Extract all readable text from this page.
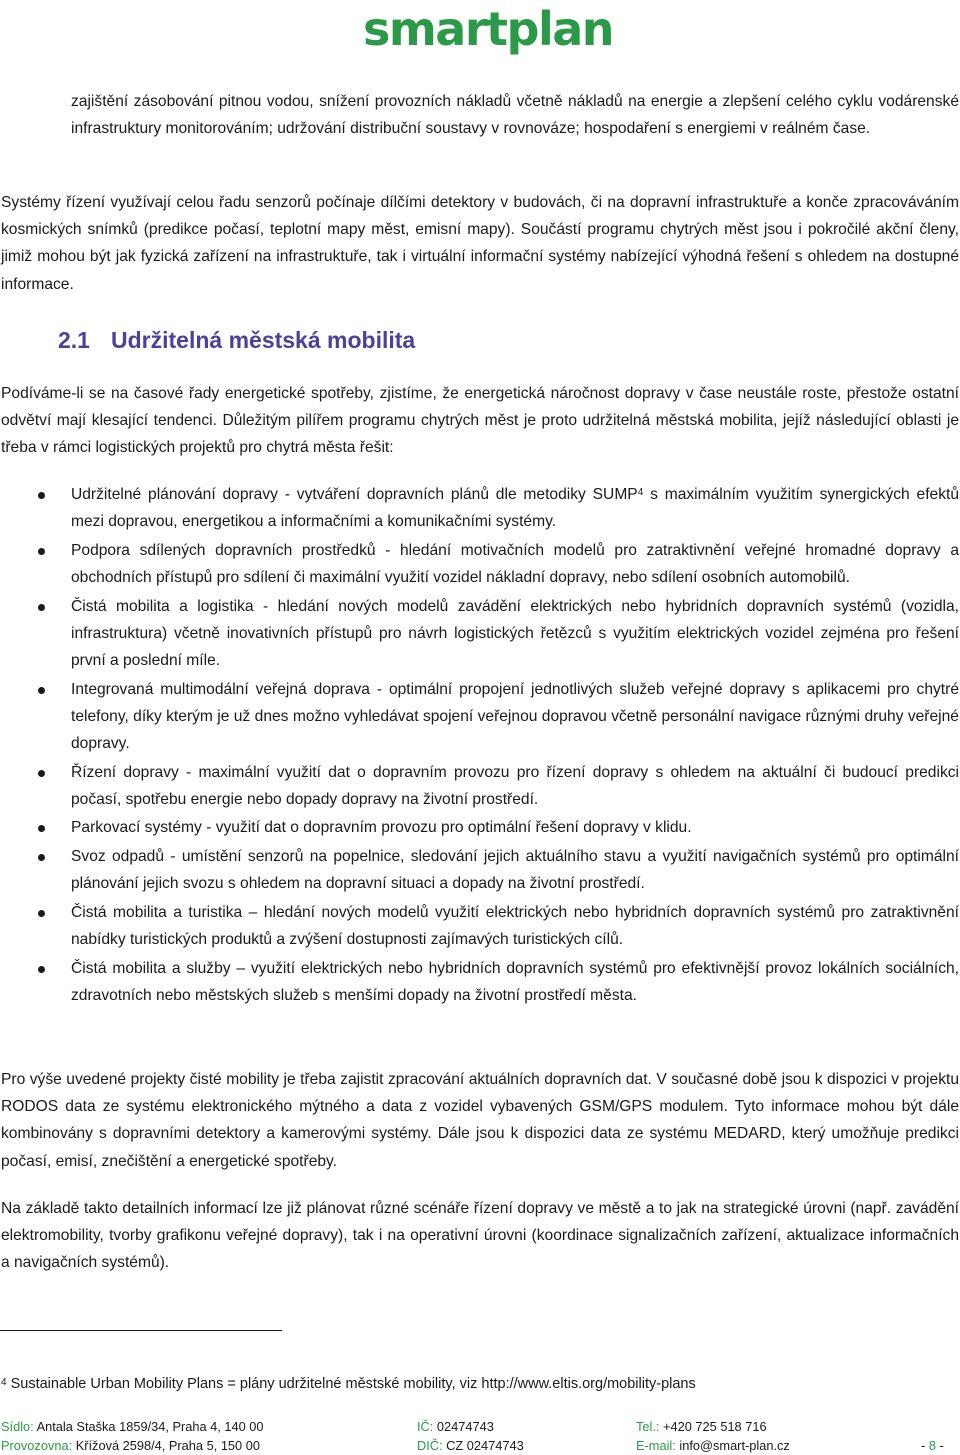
smartplan

zajištění zásobování pitnou vodou, snížení provozních nákladů včetně nákladů na energie a zlepšení celého cyklu vodárenské infrastruktury monitorováním; udržování distribuční soustavy v rovnováze; hospodaření s energiemi v reálném čase.

Systémy řízení využívají celou řadu senzorů počínaje dílčími detektory v budovách, či na dopravní infrastruktuře a konče zpracováváním kosmických snímků (predikce počasí, teplotní mapy měst, emisní mapy). Součástí programu chytrých měst jsou i pokročilé akční členy, jimiž mohou být jak fyzická zařízení na infrastruktuře, tak i virtuální informační systémy nabízející výhodná řešení s ohledem na dostupné informace.

2.1 Udržitelná městská mobilita

Podíváme-li se na časové řady energetické spotřeby, zjistíme, že energetická náročnost dopravy v čase neustále roste, přestože ostatní odvětví mají klesající tendenci. Důležitým pilířem programu chytrých měst je proto udržitelná městská mobilita, jejíž následující oblasti je třeba v rámci logistických projektů pro chytrá města řešit:

Udržitelné plánování dopravy - vytváření dopravních plánů dle metodiky SUMP$^4$ s maximálním využitím synergických efektů mezi dopravou, energetikou a informačními a komunikačními systémy.
Podpora sdílených dopravních prostředků - hledání motivačních modelů pro zatraktivnění veřejné hromadné dopravy a obchodních přístupů pro sdílení či maximální využití vozidel nákladní dopravy, nebo sdílení osobních automobilů.
Čistá mobilita a logistika - hledání nových modelů zavádění elektrických nebo hybridních dopravních systémů (vozidla, infrastruktura) včetně inovativních přístupů pro návrh logistických řetězců s využitím elektrických vozidel zejména pro řešení první a poslední míle.
Integrovaná multimodální veřejná doprava - optimální propojení jednotlivých služeb veřejné dopravy s aplikacemi pro chytré telefony, díky kterým je už dnes možno vyhledávat spojení veřejnou dopravou včetně personální navigace různými druhy veřejné dopravy.
Řízení dopravy - maximální využití dat o dopravním provozu pro řízení dopravy s ohledem na aktuální či budoucí predikci počasí, spotřebu energie nebo dopady dopravy na životní prostředí.
Parkovací systémy - využití dat o dopravním provozu pro optimální řešení dopravy v klidu.
Svoz odpadů - umístění senzorů na popelnice, sledování jejich aktuálního stavu a využití navigačních systémů pro optimální plánování jejich svozu s ohledem na dopravní situaci a dopady na životní prostředí.
Čistá mobilita a turistika – hledání nových modelů využití elektrických nebo hybridních dopravních systémů pro zatraktivnění nabídky turistických produktů a zvýšení dostupnosti zajímavých turistických cílů.
Čistá mobilita a služby – využití elektrických nebo hybridních dopravních systémů pro efektivnější provoz lokálních sociálních, zdravotních nebo městských služeb s menšími dopady na životní prostředí města.

Pro výše uvedené projekty čisté mobility je třeba zajistit zpracování aktuálních dopravních dat. V současné době jsou k dispozici v projektu RODOS data ze systému elektronického mýtného a data z vozidel vybavených GSM/GPS modulem. Tyto informace mohou být dále kombinovány s dopravními detektory a kamerovými systémy. Dále jsou k dispozici data ze systému MEDARD, který umožňuje predikci počasí, emisí, znečištění a energetické spotřeby.

Na základě takto detailních informací lze již plánovat různé scénáře řízení dopravy ve městě a to jak na strategické úrovni (např. zavádění elektromobility, tvorby grafikonu veřejné dopravy), tak i na operativní úrovni (koordinace signalizačních zařízení, aktualizace informačních a navigačních systémů).

$^4$ Sustainable Urban Mobility Plans = plány udržitelné městské mobility, viz http://www.eltis.org/mobility-plans

Sídlo: Antala Staška 1859/34, Praha 4, 140 00	IČ: 02474743	Tel.: +420 725 518 716
Provozovna: Křížová 2598/4, Praha 5, 150 00	DIČ: CZ 02474743	E-mail: info@smart-plan.cz	- 8 -
